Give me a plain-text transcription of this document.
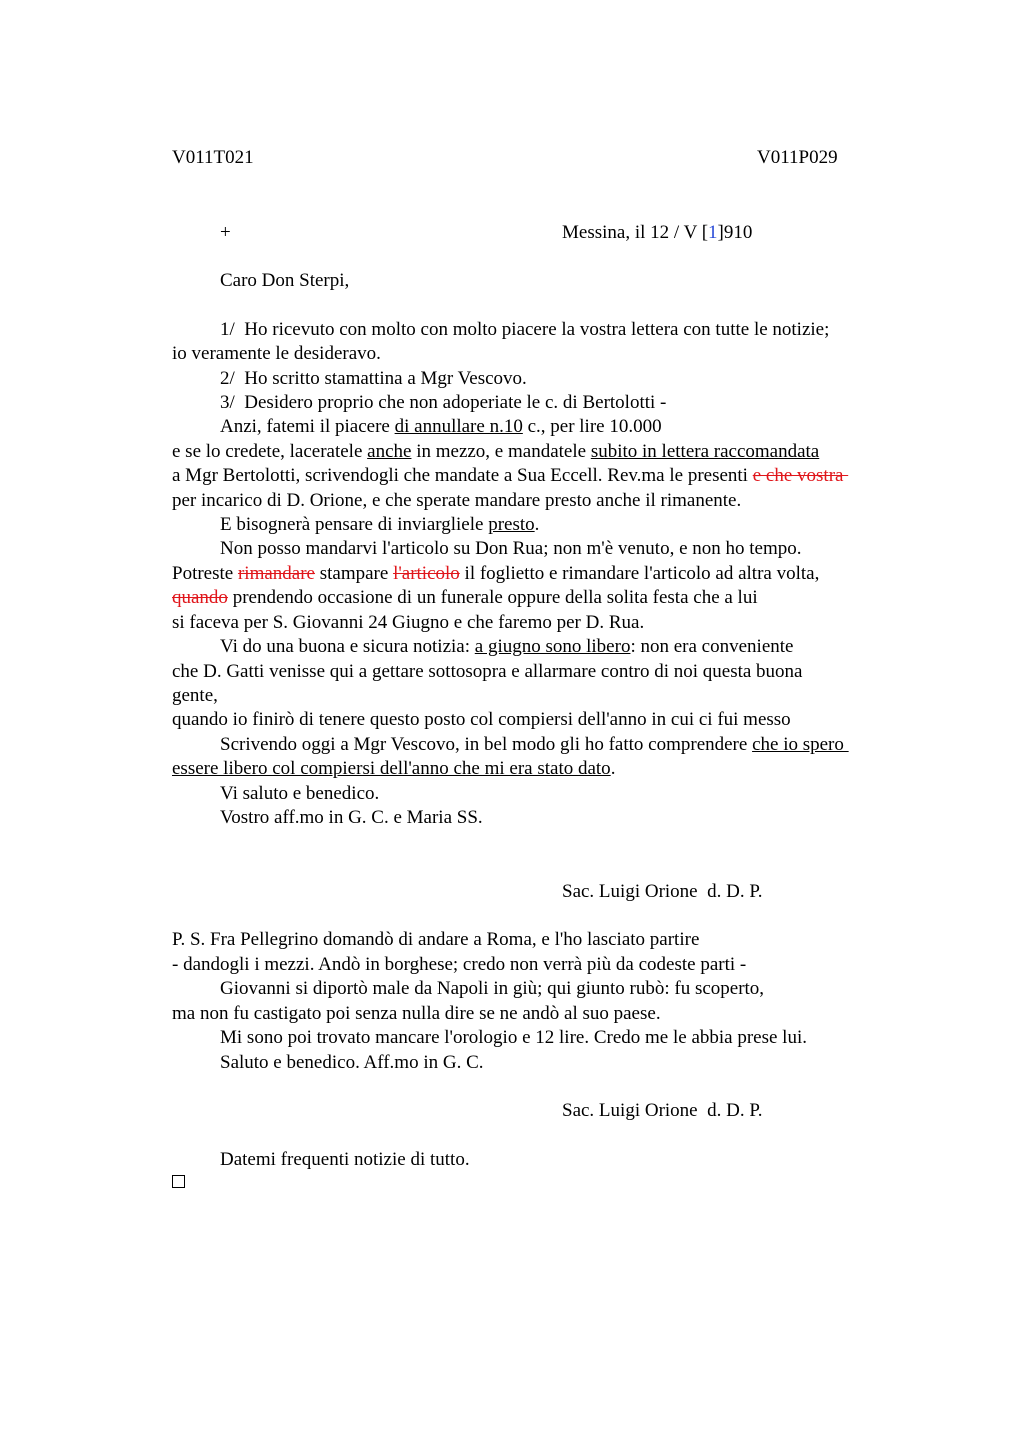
V011T021	V011P029
+	Messina, il 12 / V [1]910
Caro Don Sterpi,
1/  Ho ricevuto con molto con molto piacere la vostra lettera con tutte le notizie;
io veramente le desideravo.
2/  Ho scritto stamattina a Mgr Vescovo.
3/  Desidero proprio che non adoperiate le c. di Bertolotti -
Anzi, fatemi il piacere di annullare n.10 c., per lire 10.000
e se lo credete, laceratele anche in mezzo, e mandatele subito in lettera raccomandata
a Mgr Bertolotti, scrivendogli che mandate a Sua Eccell. Rev.ma le presenti e che vostra
per incarico di D. Orione, e che sperate mandare presto anche il rimanente.
E bisognerà pensare di inviargliele presto.
Non posso mandarvi l'articolo su Don Rua; non m'è venuto, e non ho tempo.
Potreste rimandare stampare l'articolo il foglietto e rimandare l'articolo ad altra volta,
quando prendendo occasione di un funerale oppure della solita festa che a lui
si faceva per S. Giovanni 24 Giugno e che faremo per D. Rua.
Vi do una buona e sicura notizia: a giugno sono libero: non era conveniente
che D. Gatti venisse qui a gettare sottosopra e allarmare contro di noi questa buona
gente,
quando io finirò di tenere questo posto col compiersi dell'anno in cui ci fui messo
Scrivendo oggi a Mgr Vescovo, in bel modo gli ho fatto comprendere che io spero
essere libero col compiersi dell'anno che mi era stato dato.
Vi saluto e benedico.
Vostro aff.mo in G. C. e Maria SS.
Sac. Luigi Orione  d. D. P.
P. S. Fra Pellegrino domandò di andare a Roma, e l'ho lasciato partire
- dandogli i mezzi. Andò in borghese; credo non verrà più da codeste parti -
Giovanni si diportò male da Napoli in giù; qui giunto rubò: fu scoperto,
ma non fu castigato poi senza nulla dire se ne andò al suo paese.
Mi sono poi trovato mancare l'orologio e 12 lire. Credo me le abbia prese lui.
Saluto e benedico. Aff.mo in G. C.
Sac. Luigi Orione  d. D. P.
Datemi frequenti notizie di tutto.
